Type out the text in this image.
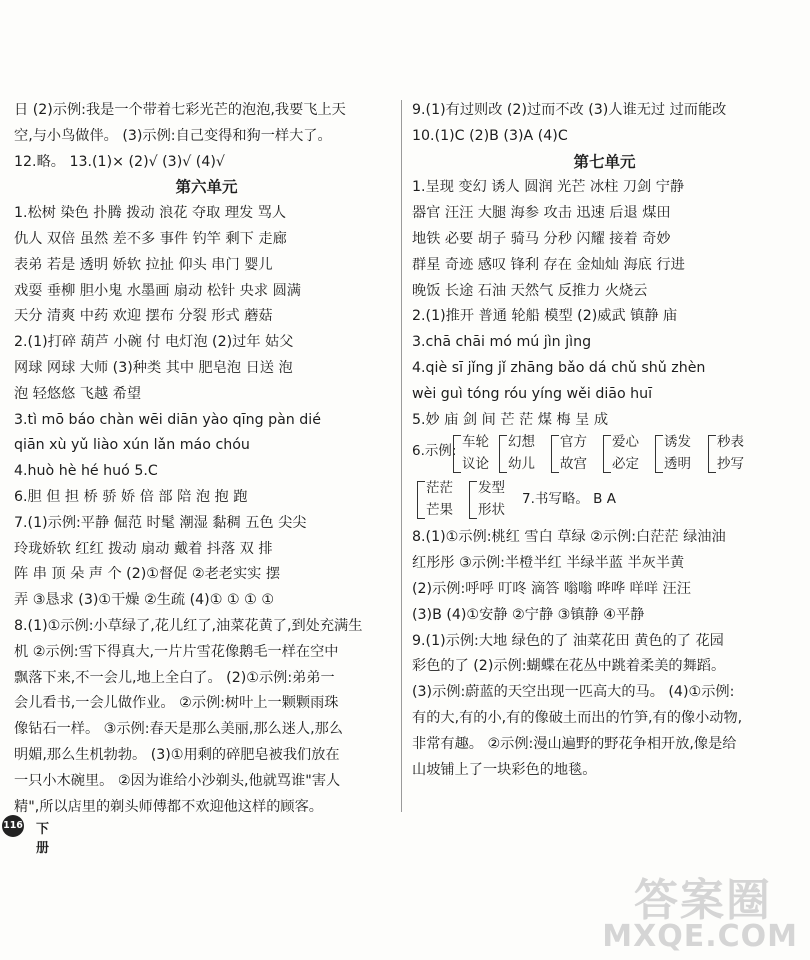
日 (2)示例:我是一个带着七彩光芒的泡泡,我要飞上天
空,与小鸟做伴。 (3)示例:自己变得和狗一样大了。
12.略。 13.(1)× (2)√ (3)√ (4)√
第六单元
1.松树 染色 扑腾 拨动 浪花 夺取 理发 骂人
仇人 双倍 虽然 差不多 事件 钓竿 剩下 走廊
表弟 若是 透明 娇软 拉扯 仰头 串门 婴儿
戏耍 垂柳 胆小鬼 水墨画 扇动 松针 央求 圆满
天分 清爽 中药 欢迎 摆布 分裂 形式 蘑菇
2.(1)打碎 葫芦 小碗 付 电灯泡 (2)过年 姑父
网球 网球 大师 (3)种类 其中 肥皂泡 日送 泡
泡 轻悠悠 飞越 希望
3.tì mō báo chàn wēi diān yào qīng pàn dié
qiān xù yǔ liào xún lǎn máo chóu
4.huò hè hé huó 5.C
6.胆 但 担 桥 骄 娇 倍 部 陪 泡 抱 跑
7.(1)示例:平静 倔范 时髦 潮湿 黏稠 五色 尖尖
玲珑娇软 红红 拨动 扇动 戴着 抖落 双 排
阵 串 顶 朵 声 个 (2)①督促 ②老老实实 摆
弄 ③恳求 (3)①干燥 ②生疏 (4)① ① ① ①
8.(1)①示例:小草绿了,花儿红了,油菜花黄了,到处充满生
机 ②示例:雪下得真大,一片片雪花像鹅毛一样在空中
飘落下来,不一会儿,地上全白了。 (2)①示例:弟弟一
会儿看书,一会儿做作业。 ②示例:树叶上一颗颗雨珠
像钻石一样。 ③示例:春天是那么美丽,那么迷人,那么
明媚,那么生机勃勃。 (3)①用剩的碎肥皂被我们放在
一只小木碗里。 ②因为谁给小沙剃头,他就骂谁"害人
精",所以店里的剃头师傅都不欢迎他这样的顾客。
9.(1)有过则改 (2)过而不改 (3)人谁无过 过而能改
10.(1)C (2)B (3)A (4)C
第七单元
1.呈现 变幻 诱人 圆润 光芒 冰柱 刀剑 宁静
器官 汪汪 大腿 海参 攻击 迅速 后退 煤田
地铁 必要 胡子 骑马 分秒 闪耀 接着 奇妙
群星 奇迹 感叹 锋利 存在 金灿灿 海底 行进
晚饭 长途 石油 天然气 反推力 火烧云
2.(1)推开 普通 轮船 模型 (2)威武 镇静 庙
3.chā chāi mó mú jìn jìng
4.qiè sī jǐng jǐ zhāng bǎo dá chǔ shǔ zhèn
wèi guì tóng róu yíng wěi diāo huī
5.妙 庙 剑 间 芒 茫 煤 梅 呈 成
6.示例:
车轮
议论
幻想
幼儿
官方
故宫
爱心
必定
诱发
透明
秒表
抄写
茫茫
芒果
发型
形状
7.书写略。 B A
8.(1)①示例:桃红 雪白 草绿 ②示例:白茫茫 绿油油
红彤彤 ③示例:半橙半红 半绿半蓝 半灰半黄
(2)示例:呼呼 叮咚 滴答 嗡嗡 哗哗 咩咩 汪汪
(3)B (4)①安静 ②宁静 ③镇静 ④平静
9.(1)示例:大地 绿色的了 油菜花田 黄色的了 花园
彩色的了 (2)示例:蝴蝶在花丛中跳着柔美的舞蹈。
(3)示例:蔚蓝的天空出现一匹高大的马。 (4)①示例:
有的大,有的小,有的像破土而出的竹笋,有的像小动物,
非常有趣。 ②示例:漫山遍野的野花争相开放,像是给
山坡铺上了一块彩色的地毯。
116 下册
答案圈
MXQE.COM
